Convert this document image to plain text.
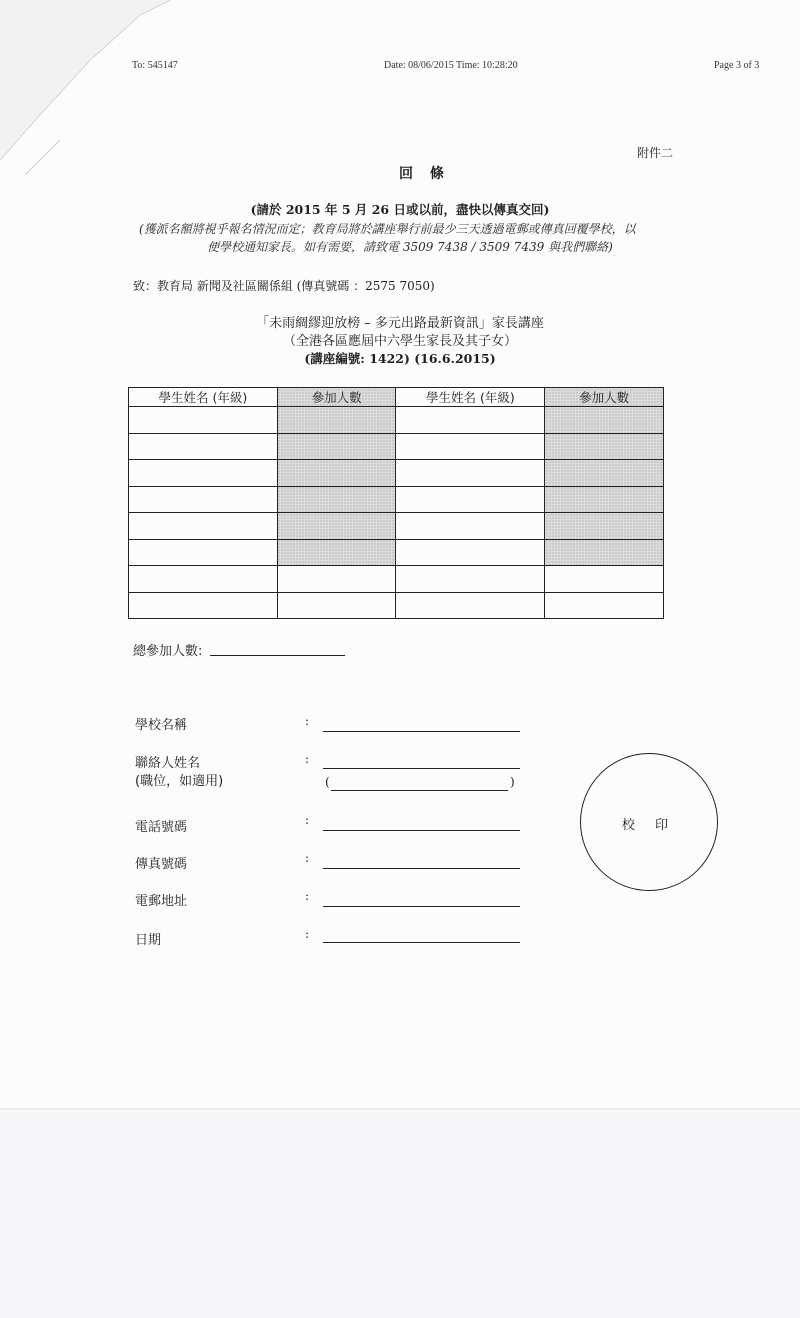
To: 545147	Date: 08/06/2015 Time: 10:28:20	Page 3 of 3
附件二
回 條
(請於 2015 年 5 月 26 日或以前，盡快以傳真交回)
(獲派名額將視乎報名情況而定；教育局將於講座舉行前最少三天透過電郵或傳真回覆學校，以
便學校通知家長。如有需要，請致電 3509 7438 / 3509 7439 與我們聯絡)
致：教育局 新聞及社區關係組 (傳真號碼 ：2575 7050)
「未雨綢繆迎放榜 – 多元出路最新資訊」家長講座
（全港各區應屆中六學生家長及其子女）
(講座編號: 1422) (16.6.2015)
學生姓名 (年級)	參加人數	學生姓名 (年級)	參加人數

總參加人數:
學校名稱	:
聯絡人姓名
(職位，如適用)
:
(	)
電話號碼	:
傳真號碼	:
電郵地址	:
日期	:
校 印
